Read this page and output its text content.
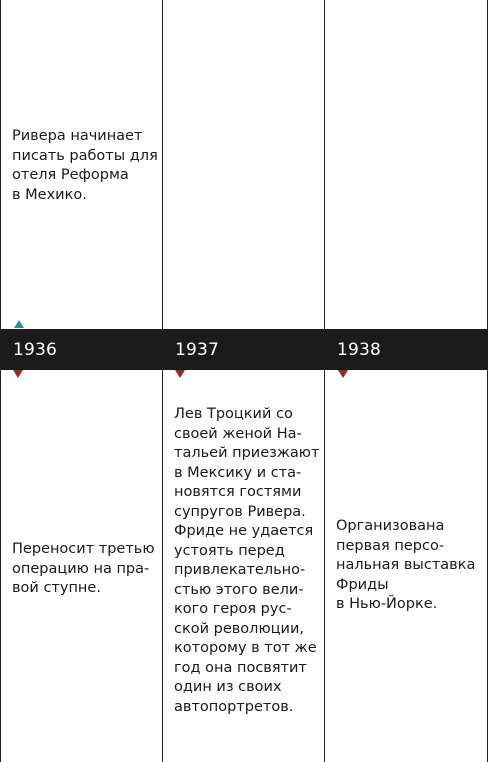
Ривера начинает
писать работы для
отеля Реформа
в Мехико.
1936	1937	1938
Переносит третью
операцию на пра-
вой ступне.
Лев Троцкий со
своей женой На-
тальей приезжают
в Мексику и ста-
новятся гостями
супругов Ривера.
Фриде не удается
устоять перед
привлекательно-
стью этого вели-
кого героя рус-
ской революции,
которому в тот же
год она посвятит
один из своих
автопортретов.
Организована
первая персо-
нальная выставка
Фриды
в Нью-Йорке.
